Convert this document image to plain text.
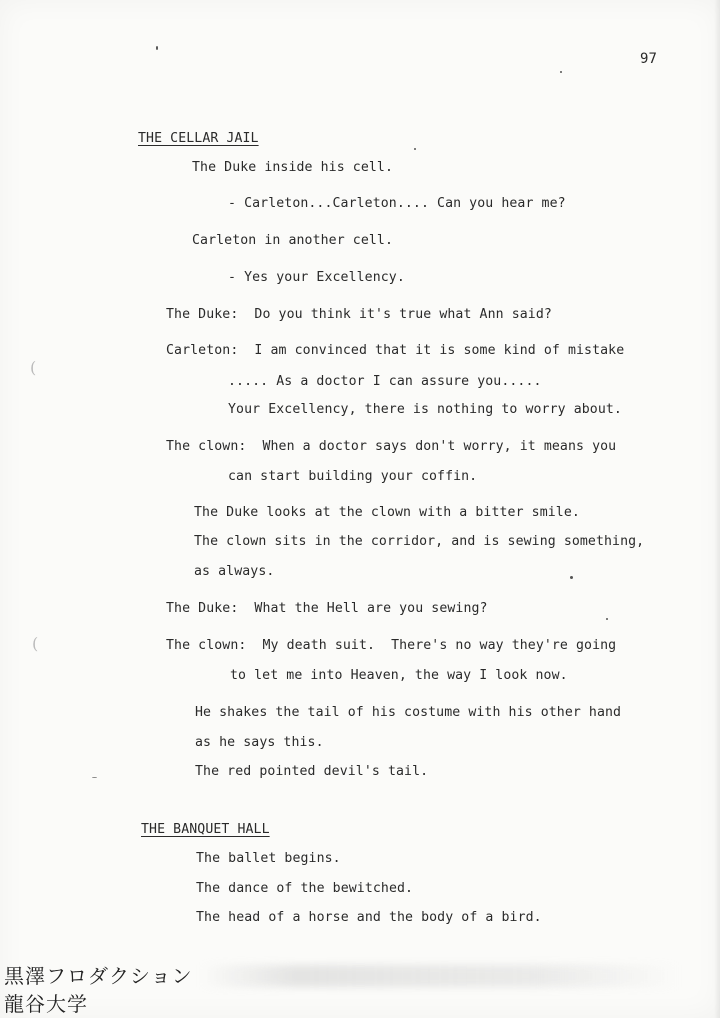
97
THE CELLAR JAIL
The Duke inside his cell.
- Carleton...Carleton.... Can you hear me?
Carleton in another cell.
- Yes your Excellency.
The Duke:  Do you think it's true what Ann said?
Carleton:  I am convinced that it is some kind of mistake
..... As a doctor I can assure you.....
Your Excellency, there is nothing to worry about.
The clown:  When a doctor says don't worry, it means you
can start building your coffin.
The Duke looks at the clown with a bitter smile.
The clown sits in the corridor, and is sewing something,
as always.
The Duke:  What the Hell are you sewing?
The clown:  My death suit.  There's no way they're going
to let me into Heaven, the way I look now.
He shakes the tail of his costume with his other hand
as he says this.
The red pointed devil's tail.
THE BANQUET HALL
The ballet begins.
The dance of the bewitched.
The head of a horse and the body of a bird.
(
(
黒澤フロダクション
龍谷大学
